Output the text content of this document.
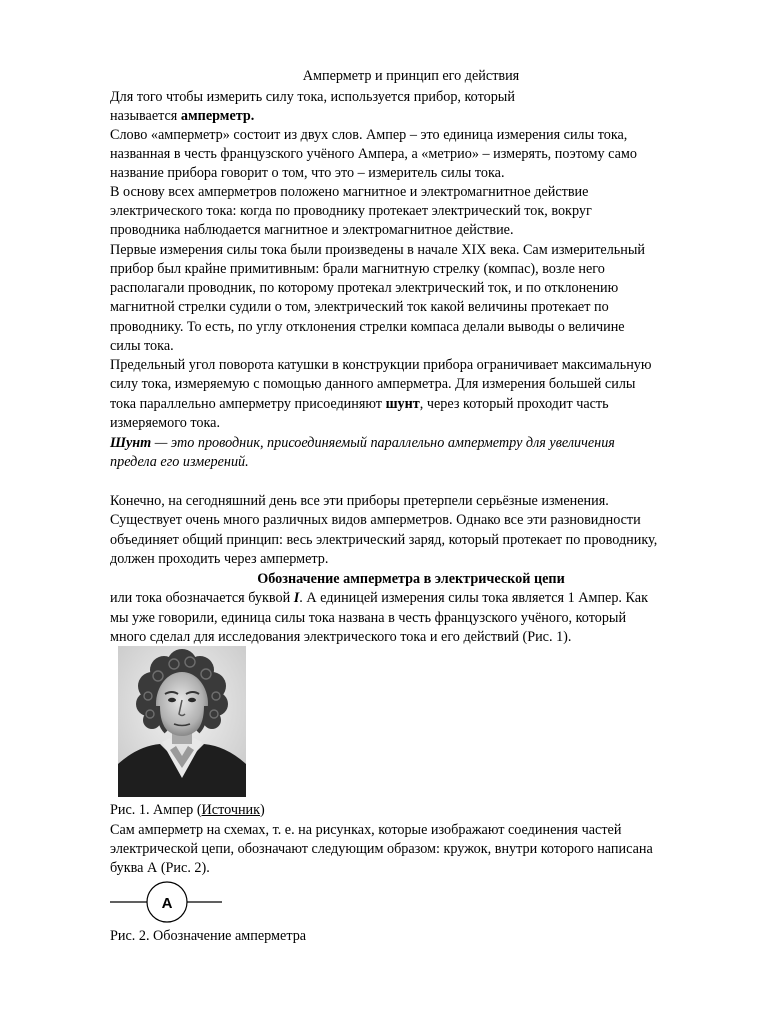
Амперметр и принцип его действия
Для того чтобы измерить силу тока, используется прибор, который
называется амперметр.
Слово «амперметр» состоит из двух слов. Ампер – это единица измерения силы тока,
названная в честь французского учёного Ампера, а «метрио» – измерять, поэтому само
название прибора говорит о том, что это – измеритель силы тока.
В основу всех амперметров положено магнитное и электромагнитное действие
электрического тока: когда по проводнику протекает электрический ток, вокруг
проводника наблюдается магнитное и электромагнитное действие.
Первые измерения силы тока были произведены в начале XIX века. Сам измерительный
прибор был крайне примитивным: брали магнитную стрелку (компас), возле него
располагали проводник, по которому протекал электрический ток, и по отклонению
магнитной стрелки судили о том, электрический ток какой величины протекает по
проводнику. То есть, по углу отклонения стрелки компаса делали выводы о величине
силы тока.
Предельный угол поворота катушки в конструкции прибора ограничивает максимальную
силу тока, измеряемую с помощью данного амперметра. Для измерения большей силы
тока параллельно амперметру присоединяют шунт, через который проходит часть
измеряемого тока.
Шунт — это проводник, присоединяемый параллельно амперметру для увеличения
предела его измерений.
Конечно, на сегодняшний день все эти приборы претерпели серьёзные изменения.
Существует очень много различных видов амперметров. Однако все эти разновидности
объединяет общий принцип: весь электрический заряд, который протекает по проводнику,
должен проходить через амперметр.
Обозначение амперметра в электрической цепи
или тока обозначается буквой I. А единицей измерения силы тока является 1 Ампер. Как
мы уже говорили, единица силы тока названа в честь французского учёного, который
много сделал для исследования электрического тока и его действий (Рис. 1).
Рис. 1. Ампер (Источник)
Сам амперметр на схемах, т. е. на рисунках, которые изображают соединения частей
электрической цепи, обозначают следующим образом: кружок, внутри которого написана
буква А (Рис. 2).
A
Рис. 2. Обозначение амперметра
